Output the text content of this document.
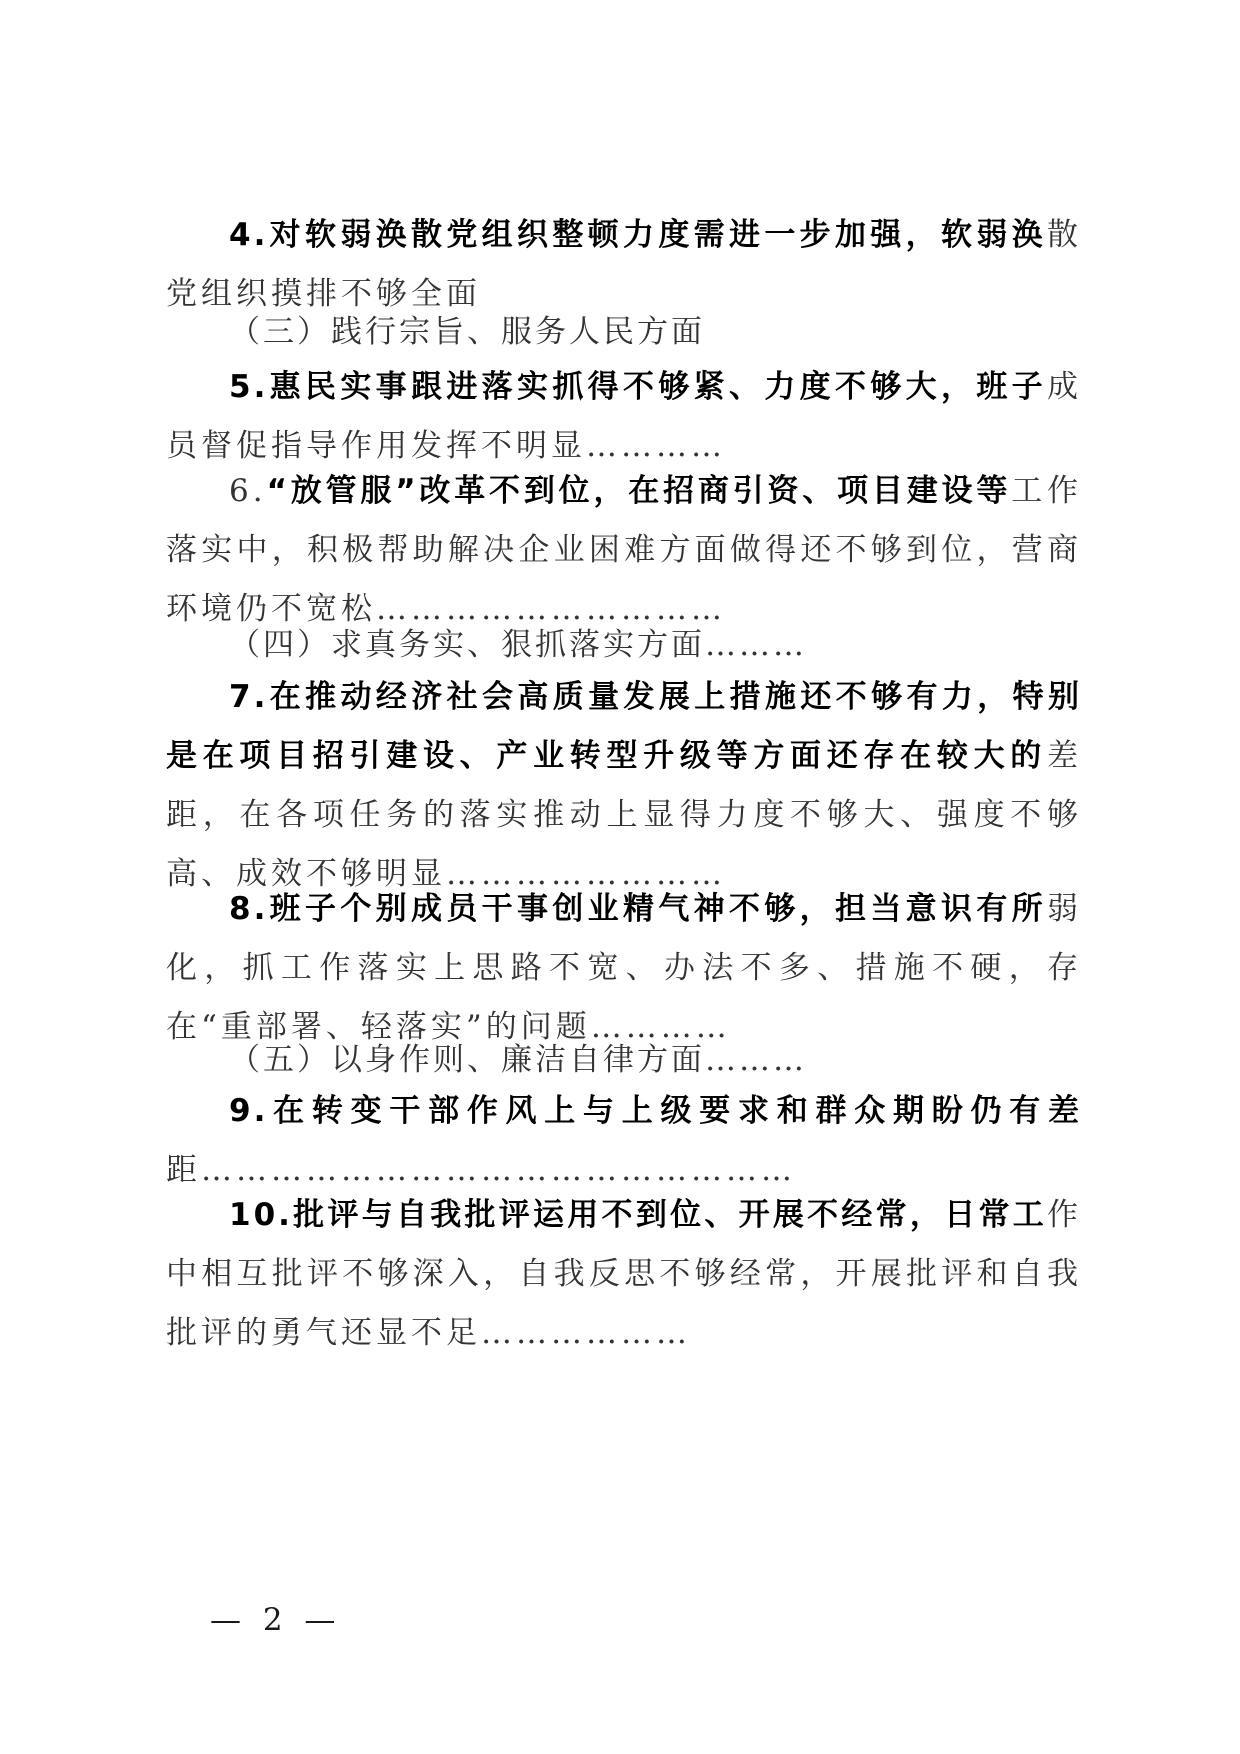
4.对软弱涣散党组织整顿力度需进一步加强，软弱涣散党组织摸排不够全面

（三）践行宗旨、服务人民方面

5.惠民实事跟进落实抓得不够紧、力度不够大，班子成员督促指导作用发挥不明显…………

6.“放管服”改革不到位，在招商引资、项目建设等工作落实中，积极帮助解决企业困难方面做得还不够到位，营商环境仍不宽松…………………………

（四）求真务实、狠抓落实方面………

7.在推动经济社会高质量发展上措施还不够有力，特别是在项目招引建设、产业转型升级等方面还存在较大的差距，在各项任务的落实推动上显得力度不够大、强度不够高、成效不够明显……………………

8.班子个别成员干事创业精气神不够，担当意识有所弱化，抓工作落实上思路不宽、办法不多、措施不硬，存在“重部署、轻落实”的问题…………

（五）以身作则、廉洁自律方面………

9.在转变干部作风上与上级要求和群众期盼仍有差距……………………………………………

10.批评与自我批评运用不到位、开展不经常，日常工作中相互批评不够深入，自我反思不够经常，开展批评和自我批评的勇气还显不足………………

— 2 —
